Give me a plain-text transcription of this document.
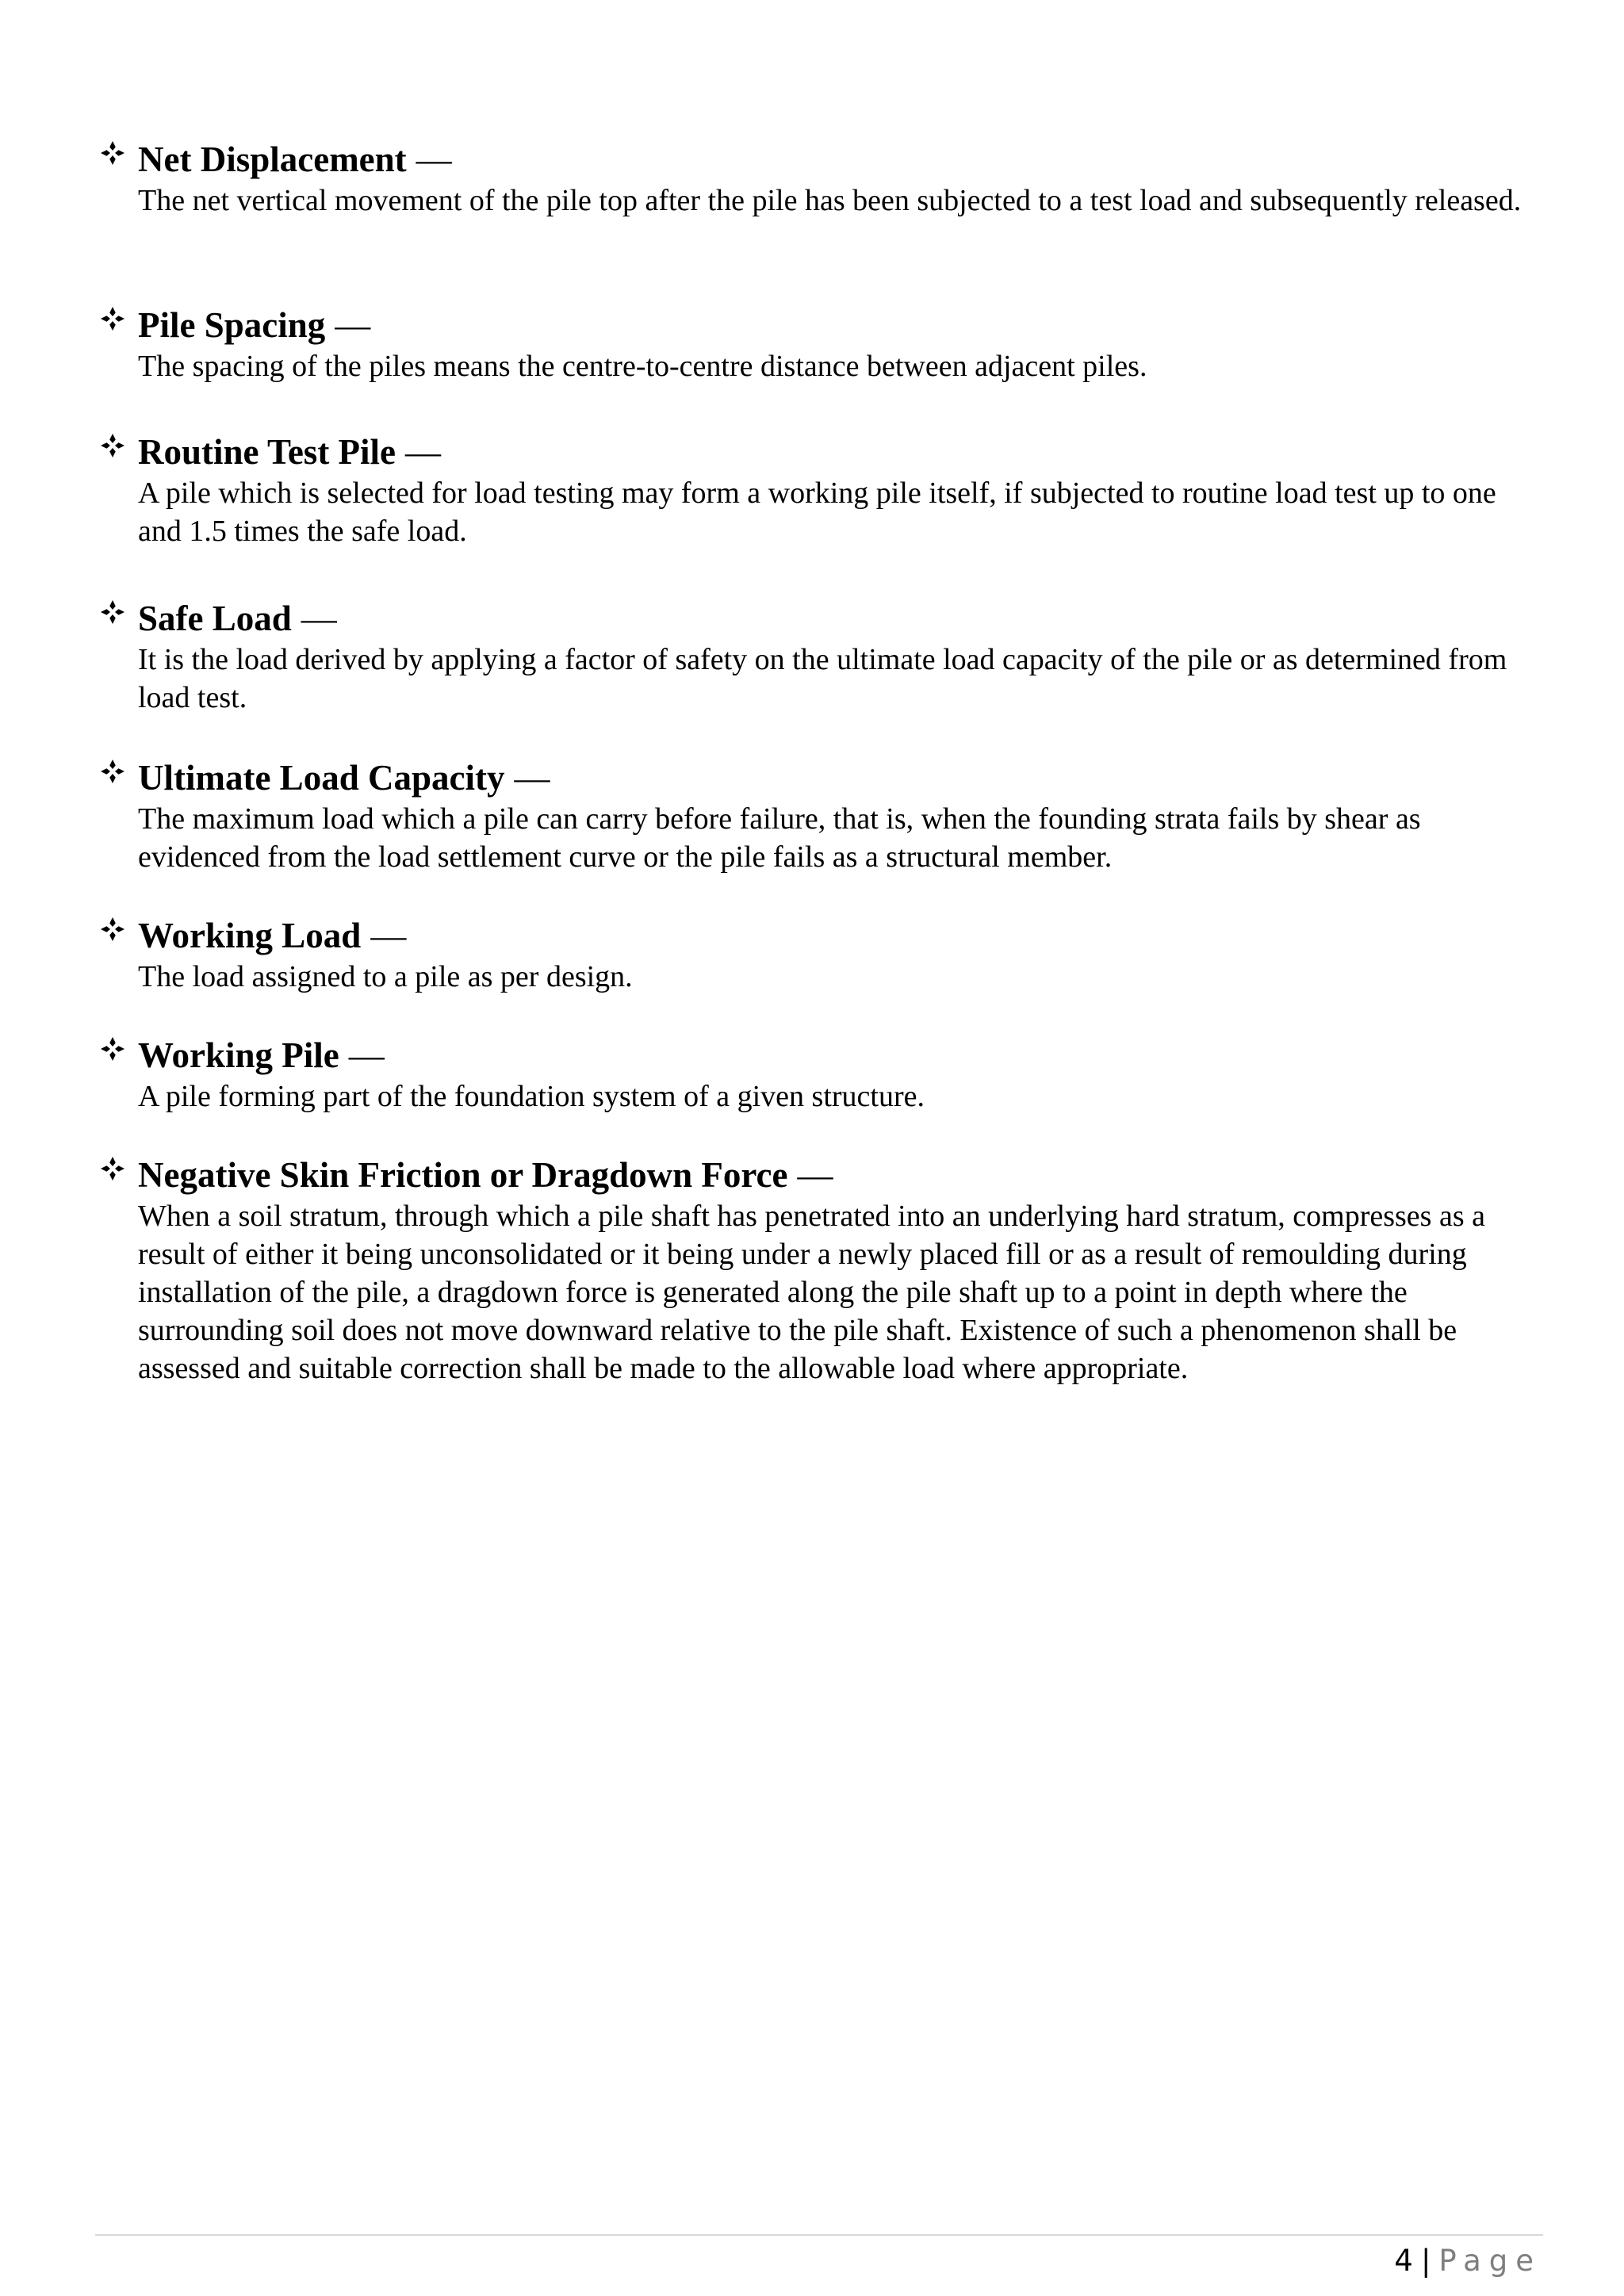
Net Displacement —
The net vertical movement of the pile top after the pile has been subjected to a test load and subsequently released.
Pile Spacing —
The spacing of the piles means the centre-to-centre distance between adjacent piles.
Routine Test Pile —
A pile which is selected for load testing may form a working pile itself, if subjected to routine load test up to one and 1.5 times the safe load.
Safe Load —
It is the load derived by applying a factor of safety on the ultimate load capacity of the pile or as determined from load test.
Ultimate Load Capacity —
The maximum load which a pile can carry before failure, that is, when the founding strata fails by shear as evidenced from the load settlement curve or the pile fails as a structural member.
Working Load —
The load assigned to a pile as per design.
Working Pile —
A pile forming part of the foundation system of a given structure.
Negative Skin Friction or Dragdown Force —
When a soil stratum, through which a pile shaft has penetrated into an underlying hard stratum, compresses as a result of either it being unconsolidated or it being under a newly placed fill or as a result of remoulding during installation of the pile, a dragdown force is generated along the pile shaft up to a point in depth where the surrounding soil does not move downward relative to the pile shaft. Existence of such a phenomenon shall be assessed and suitable correction shall be made to the allowable load where appropriate.
4 | Page
